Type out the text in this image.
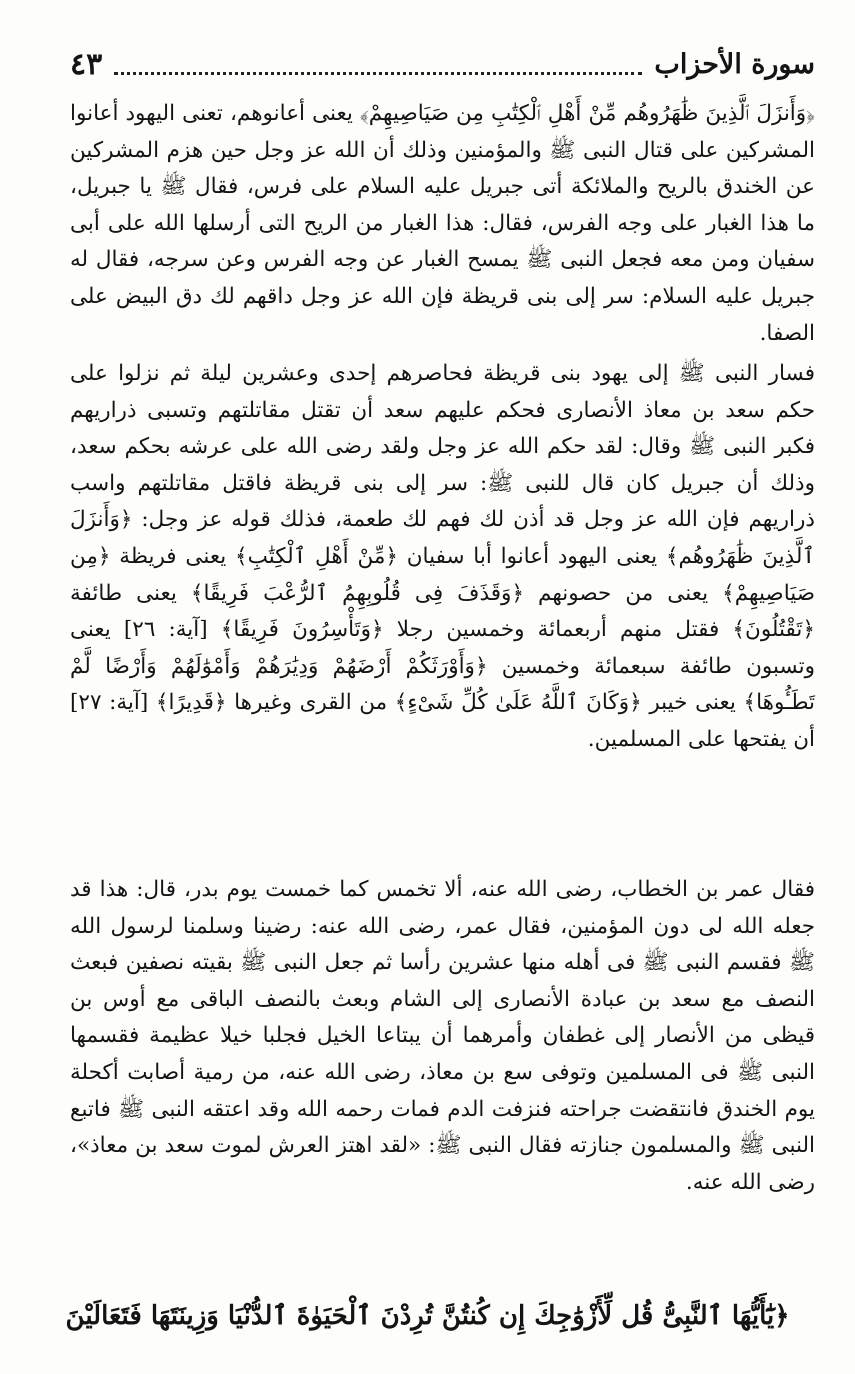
سورة الأحزاب
٤٣

﴿وَأَنزَلَ ٱلَّذِينَ ظَٰهَرُوهُم مِّنْ أَهْلِ ٱلْكِتَٰبِ مِن صَيَاصِيهِمْ﴾ يعنى أعانوهم، تعنى اليهود أعانوا المشركين على قتال النبى ﷺ والمؤمنين وذلك أن الله عز وجل حين هزم المشركين عن الخندق بالريح والملائكة أتى جبريل عليه السلام على فرس، فقال ﷺ يا جبريل، ما هذا الغبار على وجه الفرس، فقال: هذا الغبار من الريح التى أرسلها الله على أبى سفيان ومن معه فجعل النبى ﷺ يمسح الغبار عن وجه الفرس وعن سرجه، فقال له جبريل عليه السلام: سر إلى بنى قريظة فإن الله عز وجل داقهم لك دق البيض على الصفا.

فسار النبى ﷺ إلى يهود بنى قريظة فحاصرهم إحدى وعشرين ليلة ثم نزلوا على حكم سعد بن معاذ الأنصارى فحكم عليهم سعد أن تقتل مقاتلتهم وتسبى ذراريهم فكبر النبى ﷺ وقال: لقد حكم الله عز وجل ولقد رضى الله على عرشه بحكم سعد، وذلك أن جبريل كان قال للنبى ﷺ: سر إلى بنى قريظة فاقتل مقاتلتهم واسب ذراريهم فإن الله عز وجل قد أذن لك فهم لك طعمة، فذلك قوله عز وجل: ﴿وَأَنزَلَ ٱلَّذِينَ ظَٰهَرُوهُم﴾ يعنى اليهود أعانوا أبا سفيان ﴿مِّنْ أَهْلِ ٱلْكِتَٰبِ﴾ يعنى فريظة ﴿مِن صَيَاصِيهِمْ﴾ يعنى من حصونهم ﴿وَقَذَفَ فِى قُلُوبِهِمُ ٱلرُّعْبَ فَرِيقًا﴾ يعنى طائفة ﴿تَقْتُلُونَ﴾ فقتل منهم أربعمائة وخمسين رجلا ﴿وَتَأْسِرُونَ فَرِيقًا﴾ [آية: ٢٦] يعنى وتسبون طائفة سبعمائة وخمسين ﴿وَأَوْرَثَكُمْ أَرْضَهُمْ وَدِيَٰرَهُمْ وَأَمْوَٰلَهُمْ وَأَرْضًا لَّمْ تَطَـُٔوهَا﴾ يعنى خيبر ﴿وَكَانَ ٱللَّهُ عَلَىٰ كُلِّ شَىْءٍ﴾ من القرى وغيرها ﴿قَدِيرًا﴾ [آية: ٢٧] أن يفتحها على المسلمين.

فقال عمر بن الخطاب، رضى الله عنه، ألا تخمس كما خمست يوم بدر، قال: هذا قد جعله الله لى دون المؤمنين، فقال عمر، رضى الله عنه: رضينا وسلمنا لرسول الله ﷺ فقسم النبى ﷺ فى أهله منها عشرين رأسا ثم جعل النبى ﷺ بقيته نصفين فبعث النصف مع سعد بن عبادة الأنصارى إلى الشام وبعث بالنصف الباقى مع أوس بن قيظى من الأنصار إلى غطفان وأمرهما أن يبتاعا الخيل فجلبا خيلا عظيمة فقسمها النبى ﷺ فى المسلمين وتوفى سع بن معاذ، رضى الله عنه، من رمية أصابت أكحلة يوم الخندق فانتقضت جراحته فنزفت الدم فمات رحمه الله وقد اعتقه النبى ﷺ فاتبع النبى ﷺ والمسلمون جنازته فقال النبى ﷺ: «لقد اهتز العرش لموت سعد بن معاذ»، رضى الله عنه.

﴿يَٰٓأَيُّهَا ٱلنَّبِىُّ قُل لِّأَزْوَٰجِكَ إِن كُنتُنَّ تُرِدْنَ ٱلْحَيَوٰةَ ٱلدُّنْيَا وَزِينَتَهَا فَتَعَالَيْنَ
